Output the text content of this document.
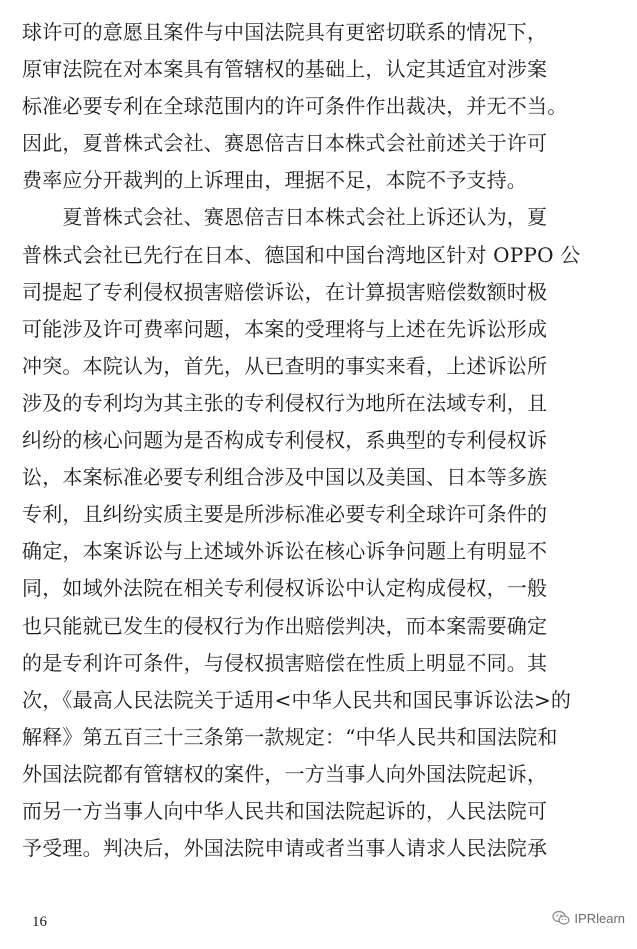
球许可的意愿且案件与中国法院具有更密切联系的情况下，
原审法院在对本案具有管辖权的基础上，认定其适宜对涉案
标准必要专利在全球范围内的许可条件作出裁决，并无不当。
因此，夏普株式会社、赛恩倍吉日本株式会社前述关于许可
费率应分开裁判的上诉理由，理据不足，本院不予支持。
　　夏普株式会社、赛恩倍吉日本株式会社上诉还认为，夏
普株式会社已先行在日本、德国和中国台湾地区针对 OPPO 公
司提起了专利侵权损害赔偿诉讼，在计算损害赔偿数额时极
可能涉及许可费率问题，本案的受理将与上述在先诉讼形成
冲突。本院认为，首先，从已查明的事实来看，上述诉讼所
涉及的专利均为其主张的专利侵权行为地所在法域专利，且
纠纷的核心问题为是否构成专利侵权，系典型的专利侵权诉
讼，本案标准必要专利组合涉及中国以及美国、日本等多族
专利，且纠纷实质主要是所涉标准必要专利全球许可条件的
确定，本案诉讼与上述域外诉讼在核心诉争问题上有明显不
同，如域外法院在相关专利侵权诉讼中认定构成侵权，一般
也只能就已发生的侵权行为作出赔偿判决，而本案需要确定
的是专利许可条件，与侵权损害赔偿在性质上明显不同。其
次，《最高人民法院关于适用<中华人民共和国民事诉讼法>的
解释》第五百三十三条第一款规定：“中华人民共和国法院和
外国法院都有管辖权的案件，一方当事人向外国法院起诉，
而另一方当事人向中华人民共和国法院起诉的，人民法院可
予受理。判决后，外国法院申请或者当事人请求人民法院承
16	IPRlearn
